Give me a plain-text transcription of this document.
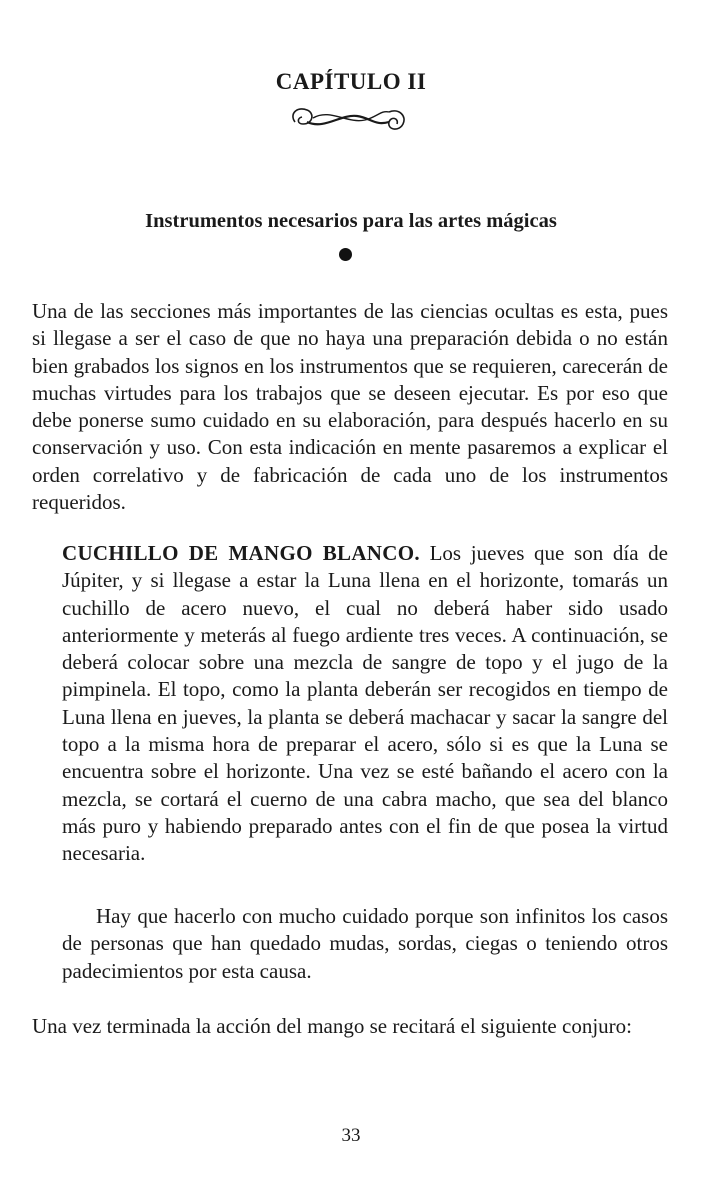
CAPÍTULO II
Instrumentos necesarios para las artes mágicas

Una de las secciones más importantes de las ciencias ocultas es esta, pues si llegase a ser el caso de que no haya una preparación debida o no están bien grabados los signos en los instrumentos que se requieren, carecerán de muchas virtudes para los trabajos que se deseen ejecutar. Es por eso que debe ponerse sumo cuidado en su elaboración, para después hacerlo en su conservación y uso. Con esta indicación en mente pasaremos a explicar el orden correlativo y de fabricación de cada uno de los instrumentos requeridos.

CUCHILLO DE MANGO BLANCO. Los jueves que son día de Júpiter, y si llegase a estar la Luna llena en el horizonte, tomarás un cuchillo de acero nuevo, el cual no deberá haber sido usado anteriormente y meterás al fuego ardiente tres veces. A continuación, se deberá colocar sobre una mezcla de sangre de topo y el jugo de la pimpinela. El topo, como la planta deberán ser recogidos en tiempo de Luna llena en jueves, la planta se deberá machacar y sacar la sangre del topo a la misma hora de preparar el acero, sólo si es que la Luna se encuentra sobre el horizonte. Una vez se esté bañando el acero con la mezcla, se cortará el cuerno de una cabra macho, que sea del blanco más puro y habiendo preparado antes con el fin de que posea la virtud necesaria.

Hay que hacerlo con mucho cuidado porque son infinitos los casos de personas que han quedado mudas, sordas, ciegas o teniendo otros padecimientos por esta causa.

Una vez terminada la acción del mango se recitará el siguiente conjuro:

33
